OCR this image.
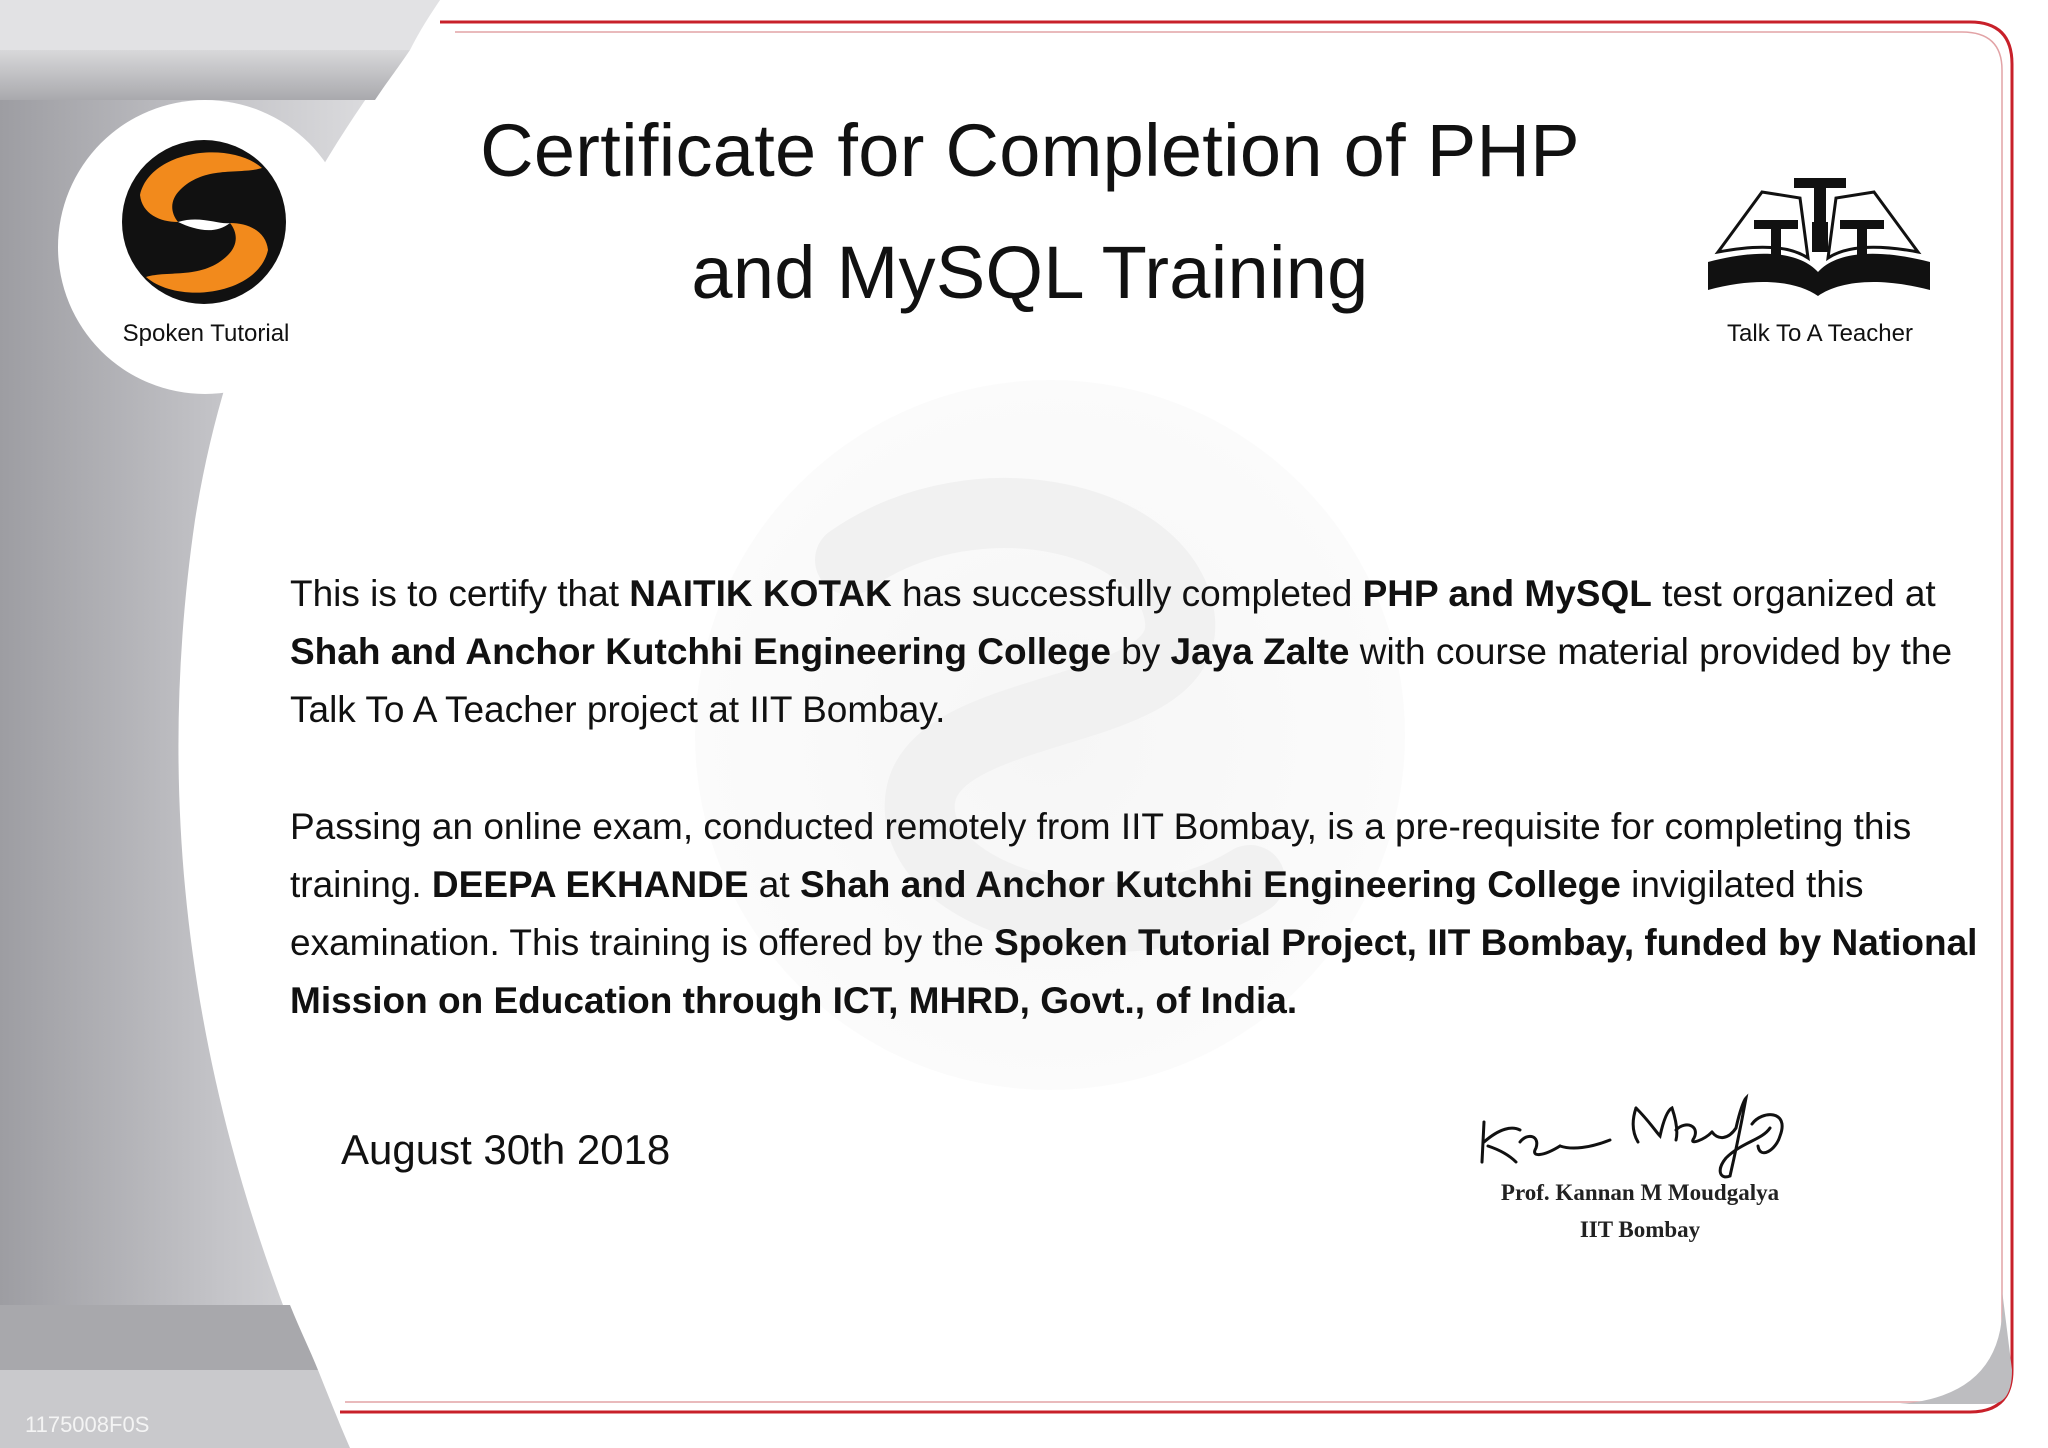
Spoken Tutorial	Talk To A Teacher
Certificate for Completion of PHP
and MySQL Training
This is to certify that NAITIK KOTAK has successfully completed PHP and MySQL test organized at Shah and Anchor Kutchhi Engineering College by Jaya Zalte with course material provided by the Talk To A Teacher project at IIT Bombay.
Passing an online exam, conducted remotely from IIT Bombay, is a pre-requisite for completing this training. DEEPA EKHANDE at Shah and Anchor Kutchhi Engineering College invigilated this examination. This training is offered by the Spoken Tutorial Project, IIT Bombay, funded by National Mission on Education through ICT, MHRD, Govt., of India.
August 30th 2018
Prof. Kannan M Moudgalya
IIT Bombay
1175008F0S
